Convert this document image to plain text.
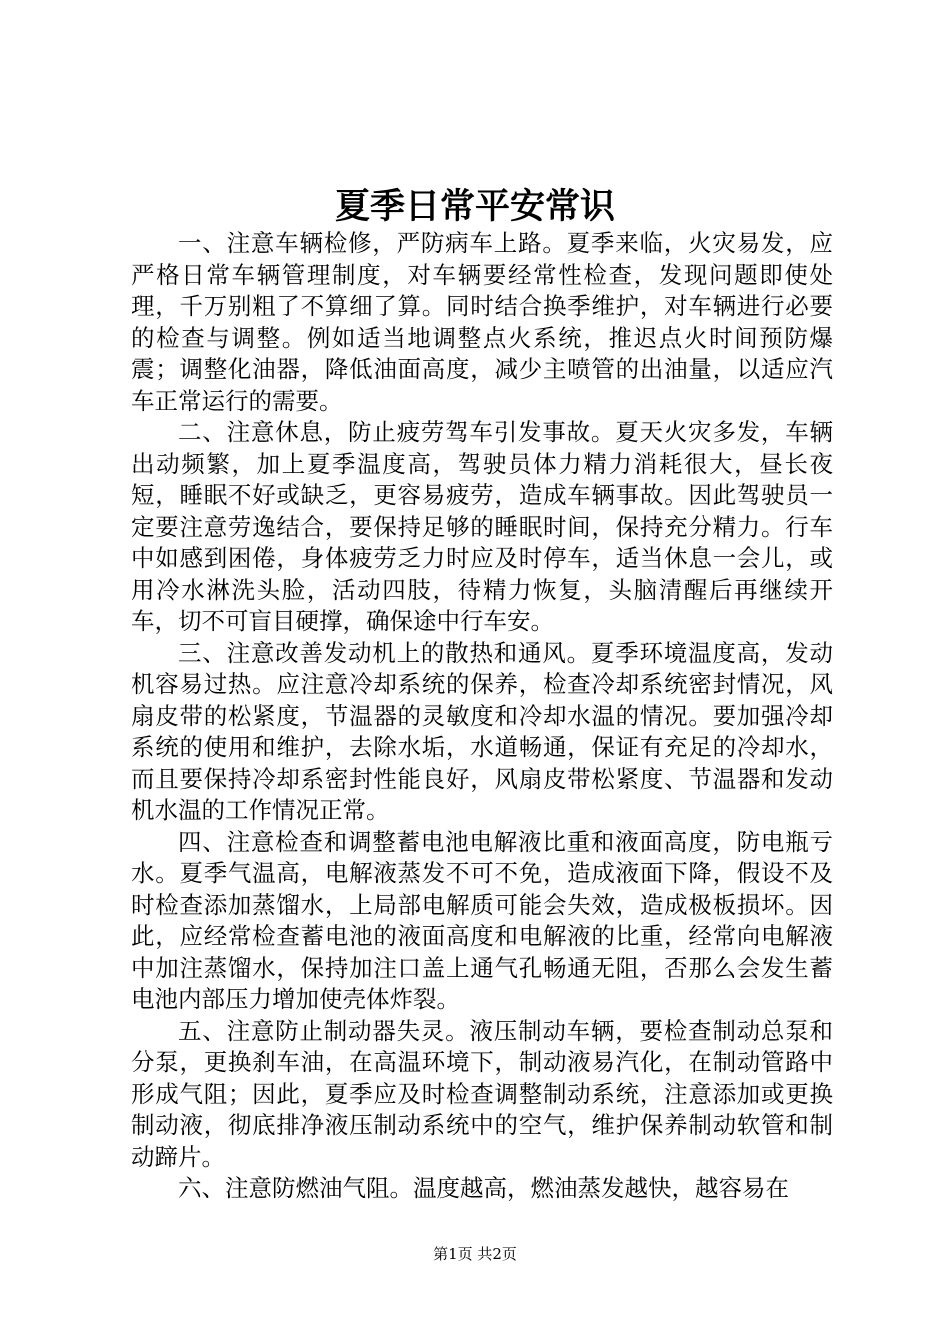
夏季日常平安常识

一、注意车辆检修，严防病车上路。夏季来临，火灾易发，应严格日常车辆管理制度，对车辆要经常性检查，发现问题即使处理，千万别粗了不算细了算。同时结合换季维护，对车辆进行必要的检查与调整。例如适当地调整点火系统，推迟点火时间预防爆震；调整化油器，降低油面高度，减少主喷管的出油量，以适应汽车正常运行的需要。

二、注意休息，防止疲劳驾车引发事故。夏天火灾多发，车辆出动频繁，加上夏季温度高，驾驶员体力精力消耗很大，昼长夜短，睡眠不好或缺乏，更容易疲劳，造成车辆事故。因此驾驶员一定要注意劳逸结合，要保持足够的睡眠时间，保持充分精力。行车中如感到困倦，身体疲劳乏力时应及时停车，适当休息一会儿，或用冷水淋洗头脸，活动四肢，待精力恢复，头脑清醒后再继续开车，切不可盲目硬撑，确保途中行车安。

三、注意改善发动机上的散热和通风。夏季环境温度高，发动机容易过热。应注意冷却系统的保养，检查冷却系统密封情况，风扇皮带的松紧度，节温器的灵敏度和冷却水温的情况。要加强冷却系统的使用和维护，去除水垢，水道畅通，保证有充足的冷却水，而且要保持冷却系密封性能良好，风扇皮带松紧度、节温器和发动机水温的工作情况正常。

四、注意检查和调整蓄电池电解液比重和液面高度，防电瓶亏水。夏季气温高，电解液蒸发不可不免，造成液面下降，假设不及时检查添加蒸馏水，上局部电解质可能会失效，造成极板损坏。因此，应经常检查蓄电池的液面高度和电解液的比重，经常向电解液中加注蒸馏水，保持加注口盖上通气孔畅通无阻，否那么会发生蓄电池内部压力增加使壳体炸裂。

五、注意防止制动器失灵。液压制动车辆，要检查制动总泵和分泵，更换刹车油，在高温环境下，制动液易汽化，在制动管路中形成气阻；因此，夏季应及时检查调整制动系统，注意添加或更换制动液，彻底排净液压制动系统中的空气，维护保养制动软管和制动蹄片。

六、注意防燃油气阻。温度越高，燃油蒸发越快，越容易在

第1页 共2页
